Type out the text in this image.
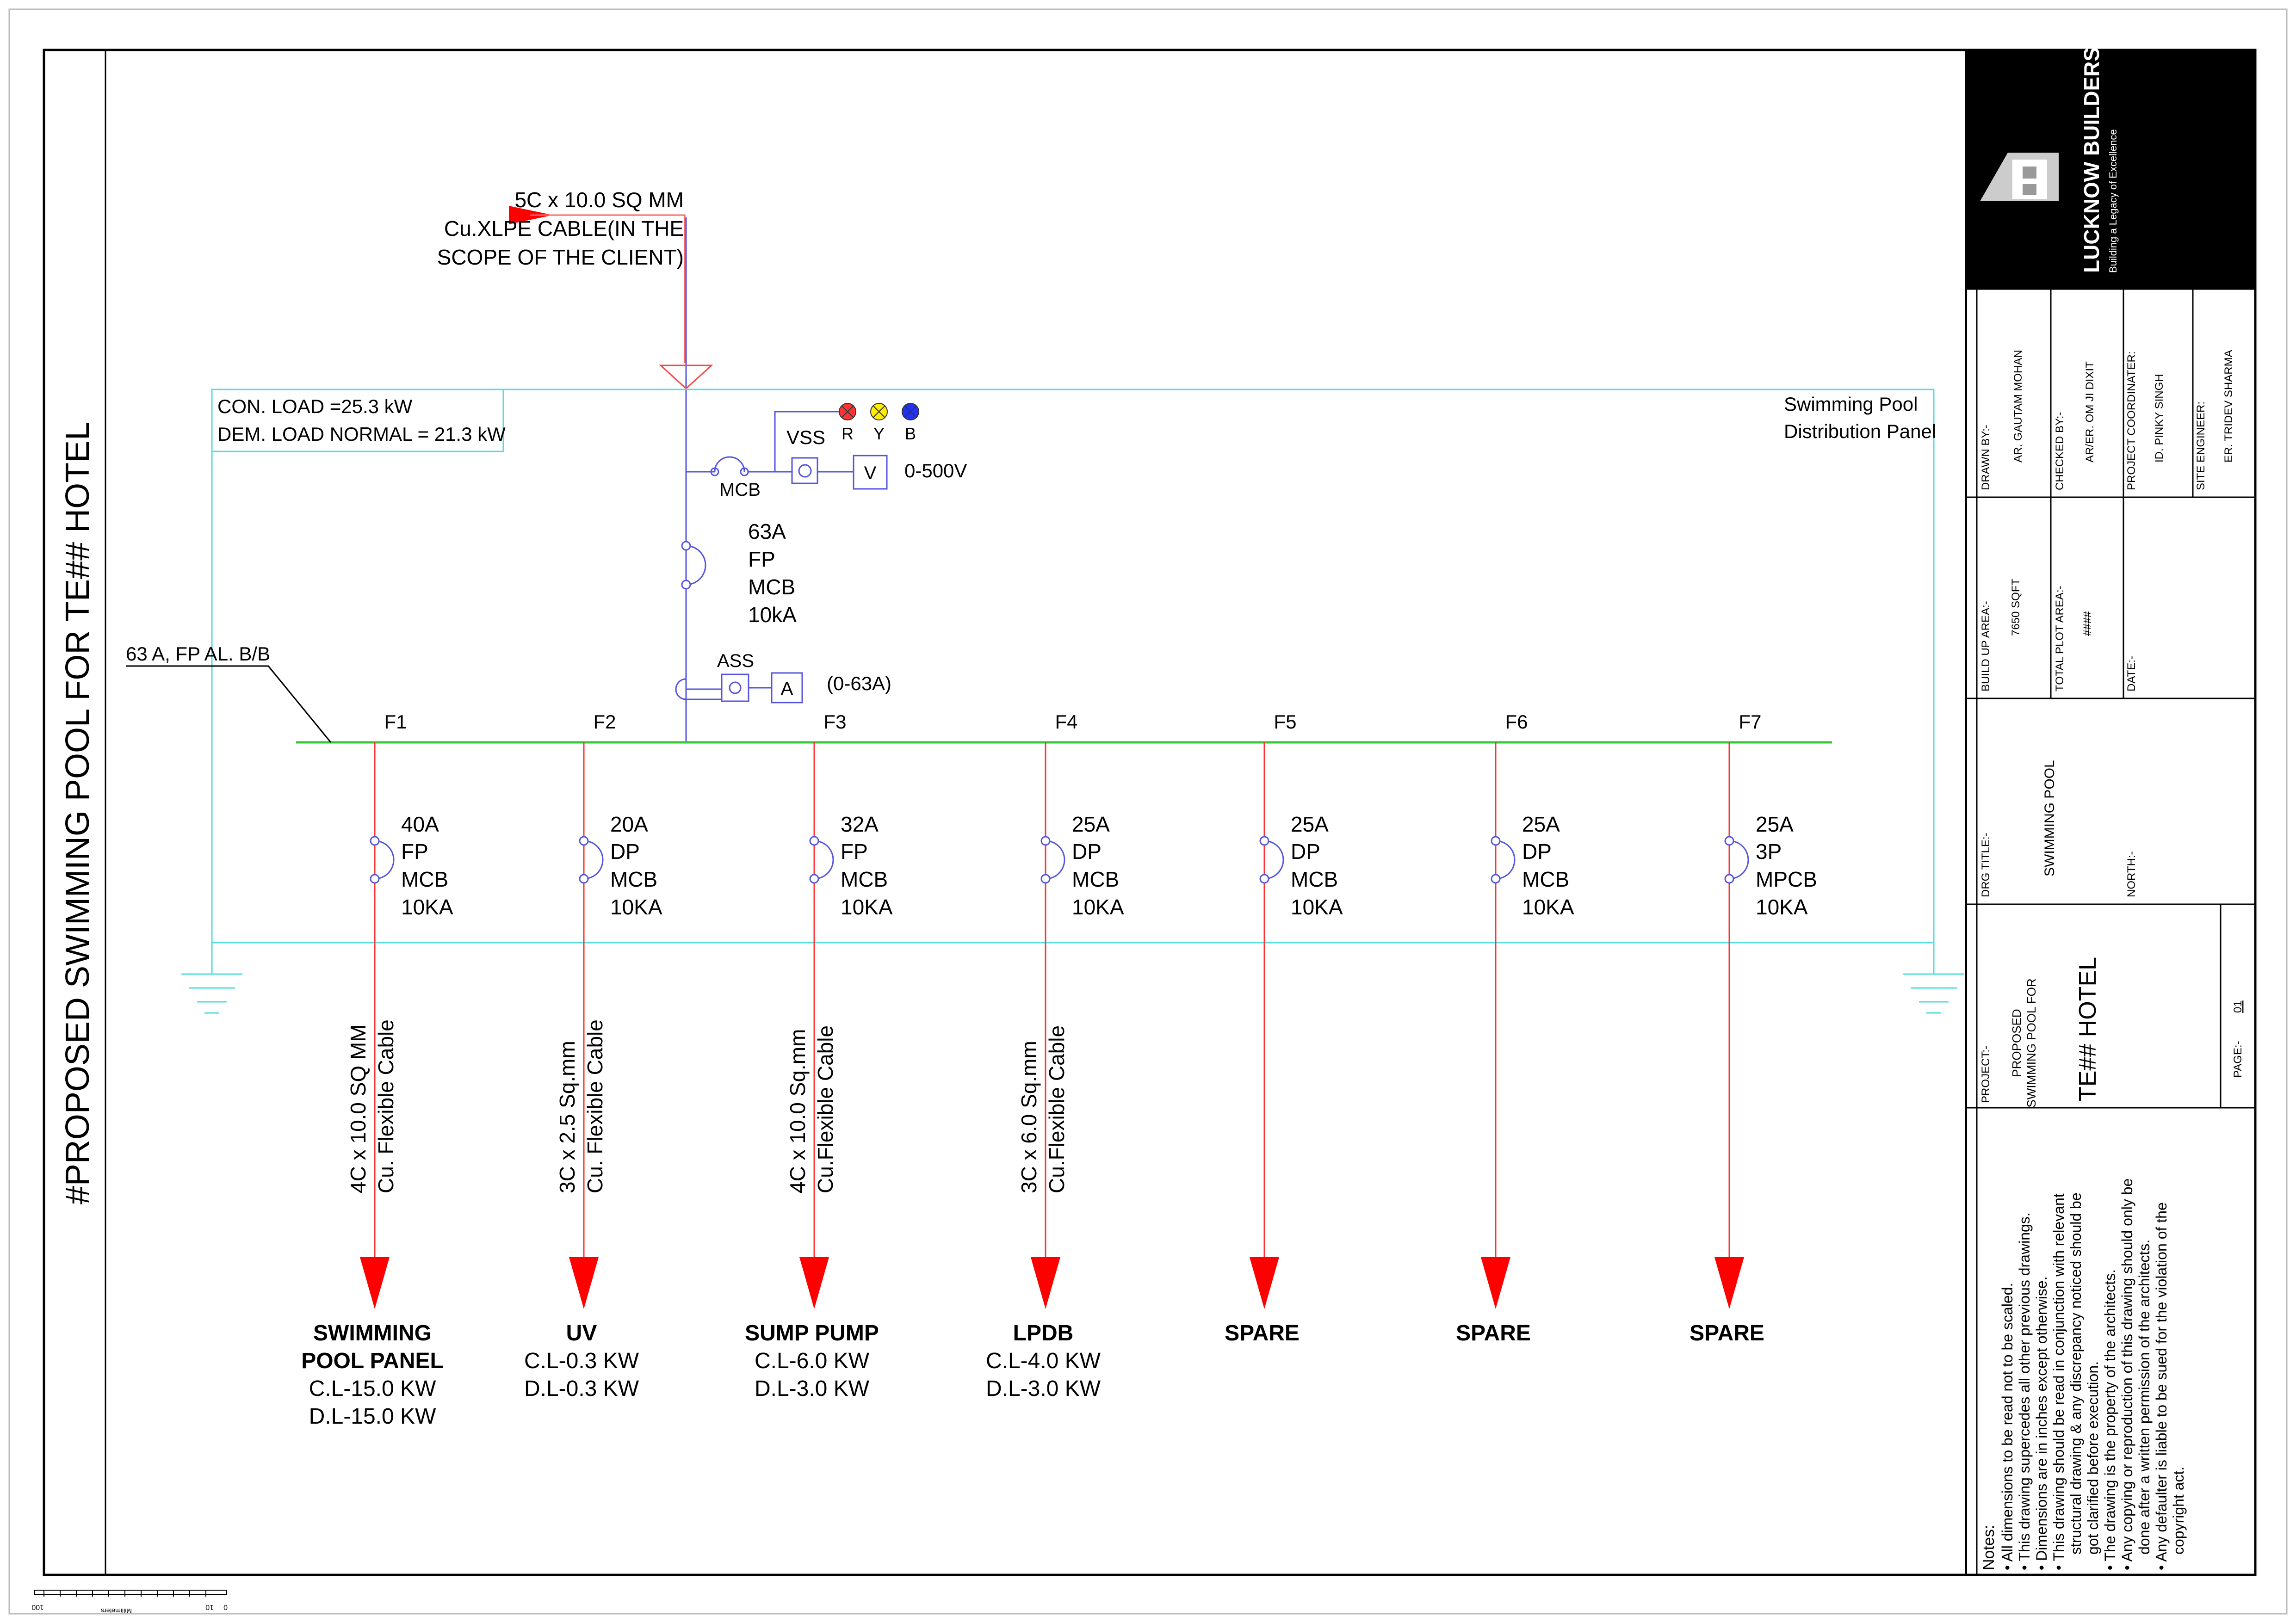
#PROPOSED SWIMMING POOL FOR TE## HOTEL
5C x 10.0 SQ MM
Cu.XLPE CABLE(IN THE
SCOPE OF THE CLIENT)
CON. LOAD =25.3 kW
DEM. LOAD NORMAL = 21.3 kW
Swimming Pool
Distribution Panel
MCB
VSS
V 0-500V
R Y B
63A
FP
MCB
10kA
ASS
A (0-63A)
63 A, FP AL. B/B
F1
40A
FP
MCB
10KA
4C x 10.0 SQ MM Cu. Flexible Cable
SWIMMING
POOL PANEL
C.L-15.0 KW
D.L-15.0 KW
F2
20A
DP
MCB
10KA
3C x 2.5 Sq.mm Cu. Flexible Cable
UV
C.L-0.3 KW
D.L-0.3 KW
F3
32A
FP
MCB
10KA
4C x 10.0 Sq.mm Cu.Flexible Cable
SUMP PUMP
C.L-6.0 KW
D.L-3.0 KW
F4
25A
DP
MCB
10KA
3C x 6.0 Sq.mm Cu.Flexible Cable
LPDB
C.L-4.0 KW
D.L-3.0 KW
F5
25A
DP
MCB
10KA
SPARE
F6
25A
DP
MCB
10KA
SPARE
F7
25A
3P
MPCB
10KA
SPARE
LUCKNOW BUILDERS Building a Legacy of Excellence Corporate office - 5/737 ,sec.-5 ,Amar Shaheed Path, Gomti Nagar Extension, Lucknow Office No:- 8810828933 , 9532736155 Email:- lucknowbuildersoffice@gmail.com Architecture / Interior / Construction / Modular Kitchen / Wardrobe / Elevation
DRAWN BY:- AR. GAUTAM MOHAN	CHECKED BY:- AR/ER. OM JI DIXIT	PROJECT COORDINATER: ID. PINKY SINGH	SITE ENGINEER: ER. TRIDEV SHARMA
BUILD UP AREA:- 7650 SQFT	TOTAL PLOT AREA:- ####
DATE:-
DRG TITLE:-	SWIMMING POOL	NORTH:-
PROJECT:- PROPOSED SWIMMING POOL FOR TE## HOTEL	PAGE:-
01
Notes: • All dimensions to be read not to be scaled. • This drawing supercedes all other previous drawings. • Dimensions are in inches except otherwise. • This drawing should be read in conjunction with relevant structural drawing & any discrepancy noticed should be got clarified before execution. • The drawing is the property of the architects. • Any copying or reproduction of this drawing should only be done after a written permission of the architects. • Any defaulter is liable to be sued for the violation of the copyright act.
100	Millimeters	10 0
